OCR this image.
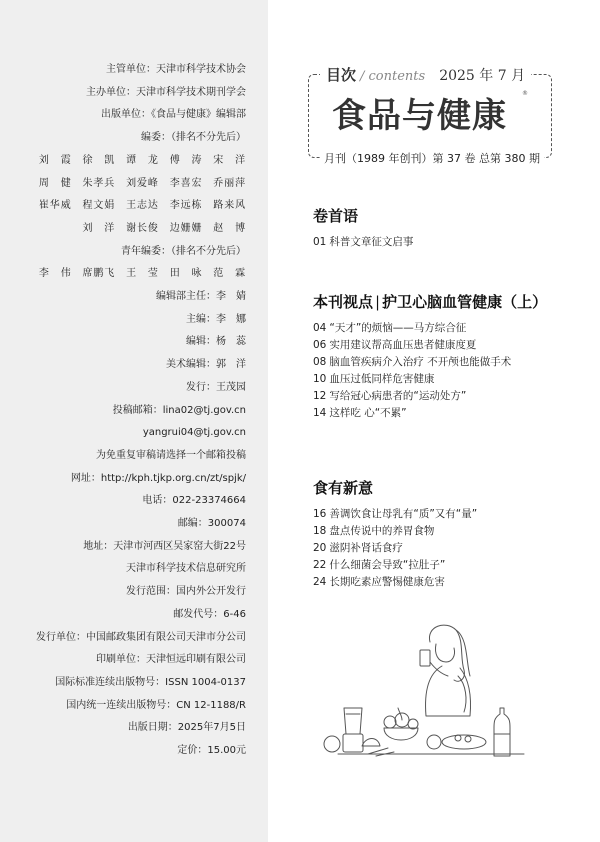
主管单位：天津市科学技术协会
主办单位：天津市科学技术期刊学会
出版单位：《食品与健康》编辑部
编委：（排名不分先后）
刘　霞　徐　凯　谭　龙　傅　涛　宋　洋
周　健　朱孝兵　刘爱峰　李喜宏　乔丽萍
崔华威　程文娟　王志达　李远栋　路来风
刘　洋　谢长俊　边姗姗　赵　博
青年编委：（排名不分先后）
李　伟　席鹏飞　王　莹　田　咏　范　霖
编辑部主任：李　婧
主编：李　娜
编辑：杨　蕊
美术编辑：郭　洋
发行：王茂园
投稿邮箱：lina02@tj.gov.cn
yangrui04@tj.gov.cn
为免重复审稿请选择一个邮箱投稿
网址：http://kph.tjkp.org.cn/zt/spjk/
电话：022-23374664
邮编：300074
地址：天津市河西区吴家窑大街22号
天津市科学技术信息研究所
发行范围：国内外公开发行
邮发代号：6-46
发行单位：中国邮政集团有限公司天津市分公司
印刷单位：天津恒远印刷有限公司
国际标准连续出版物号：ISSN 1004-0137
国内统一连续出版物号：CN 12-1188/R
出版日期：2025年7月5日
定价：15.00元
目次 / contents 2025 年 7 月
食品与健康
®
月刊（1989 年创刊）第 37 卷 总第 380 期
卷首语
01 科普文章征文启事
本刊视点 | 护卫心脑血管健康（上）
04 “天才”的烦恼——马方综合征
06 实用建议帮高血压患者健康度夏
08 脑血管疾病介入治疗 不开颅也能做手术
10 血压过低同样危害健康
12 写给冠心病患者的“运动处方”
14 这样吃 心“不累”
食有新意
16 善调饮食让母乳有“质”又有“量”
18 盘点传说中的养胃食物
20 滋阴补肾话食疗
22 什么细菌会导致“拉肚子”
24 长期吃素应警惕健康危害
